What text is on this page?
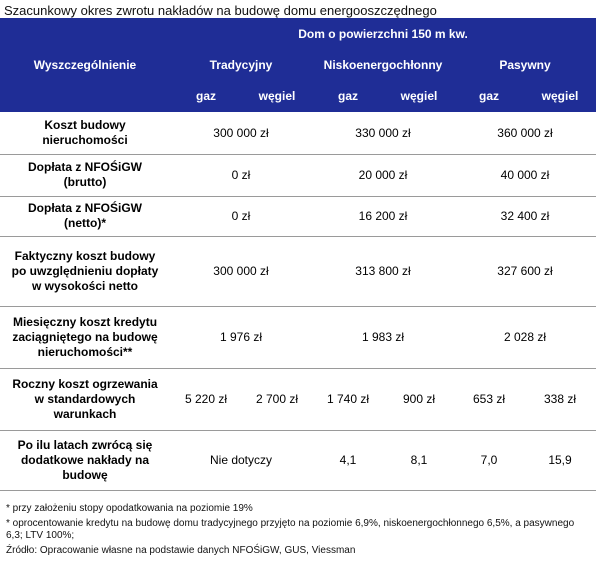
Szacunkowy okres zwrotu nakładów na budowę domu energooszczędnego
Wyszczególnienie	Dom o powierzchni 150 m kw.					
	Tradycyjny		Niskoenergochłonny		Pasywny	
	gaz	węgiel	gaz	węgiel	gaz	węgiel
Koszt budowy nieruchomości	300 000 zł		330 000 zł		360 000 zł	
Dopłata z NFOŚiGW (brutto)	0 zł		20 000 zł		40 000 zł	
Dopłata z NFOŚiGW (netto)*	0 zł		16 200 zł		32 400 zł	
Faktyczny koszt budowy po uwzględnieniu dopłaty w wysokości netto	300 000 zł		313 800 zł		327 600 zł	
Miesięczny koszt kredytu zaciągniętego na budowę nieruchomości**	1 976 zł		1 983 zł		2 028 zł	
Roczny koszt ogrzewania w standardowych warunkach	5 220 zł	2 700 zł	1 740 zł	900 zł	653 zł	338 zł
Po ilu latach zwrócą się dodatkowe nakłady na budowę	Nie dotyczy		4,1	8,1	7,0	15,9
* przy założeniu stopy opodatkowania na poziomie 19%
* oprocentowanie kredytu na budowę domu tradycyjnego przyjęto na poziomie 6,9%, niskoenergochłonnego 6,5%, a pasywnego 6,3; LTV 100%;
Źródło: Opracowanie własne na podstawie danych NFOŚiGW, GUS, Viessman
